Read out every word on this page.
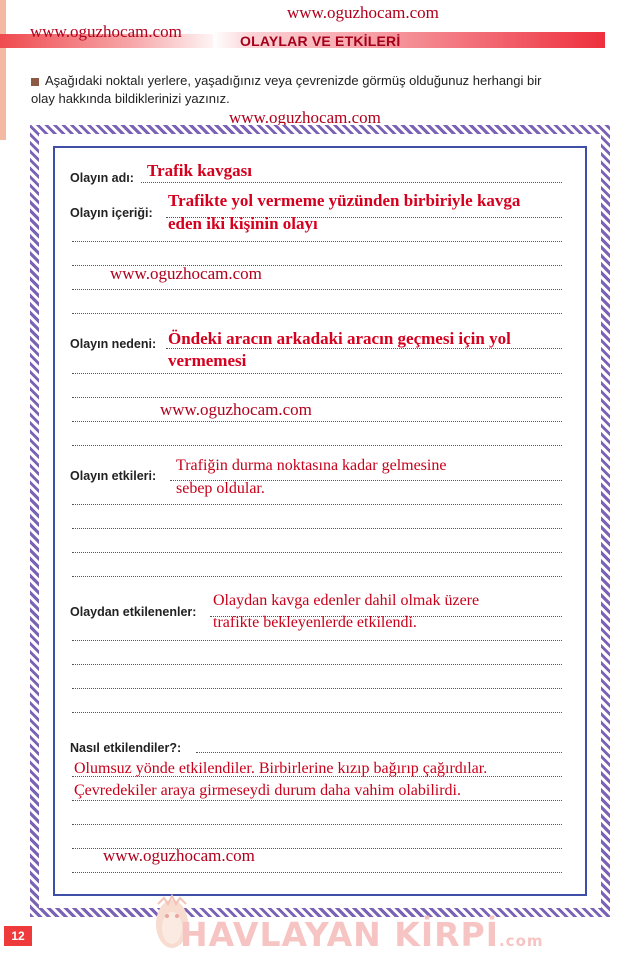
www.oguzhocam.com
www.oguzhocam.com	OLAYLAR VE ETKİLERİ
Aşağıdaki noktalı yerlere, yaşadığınız veya çevrenizde görmüş olduğunuz herhangi bir
olay hakkında bildiklerinizi yazınız.
www.oguzhocam.com
Olayın adı: Trafik kavgası
Olayın içeriği:
Trafikte yol vermeme yüzünden birbiriyle kavga
eden iki kişinin olayı
www.oguzhocam.com
Olayın nedeni: Öndeki aracın arkadaki aracın geçmesi için yol
vermemesi
www.oguzhocam.com
Olayın etkileri:
Trafiğin durma noktasına kadar gelmesine
sebep oldular.
Olaydan etkilenenler:
Olaydan kavga edenler dahil olmak üzere
trafikte bekleyenlerde etkilendi.
Nasıl etkilendiler?:
Olumsuz yönde etkilendiler. Birbirlerine kızıp bağırıp çağırdılar.
Çevredekiler araya girmeseydi durum daha vahim olabilirdi.
www.oguzhocam.com
12	HAVLAYAN KİRPİ.com
